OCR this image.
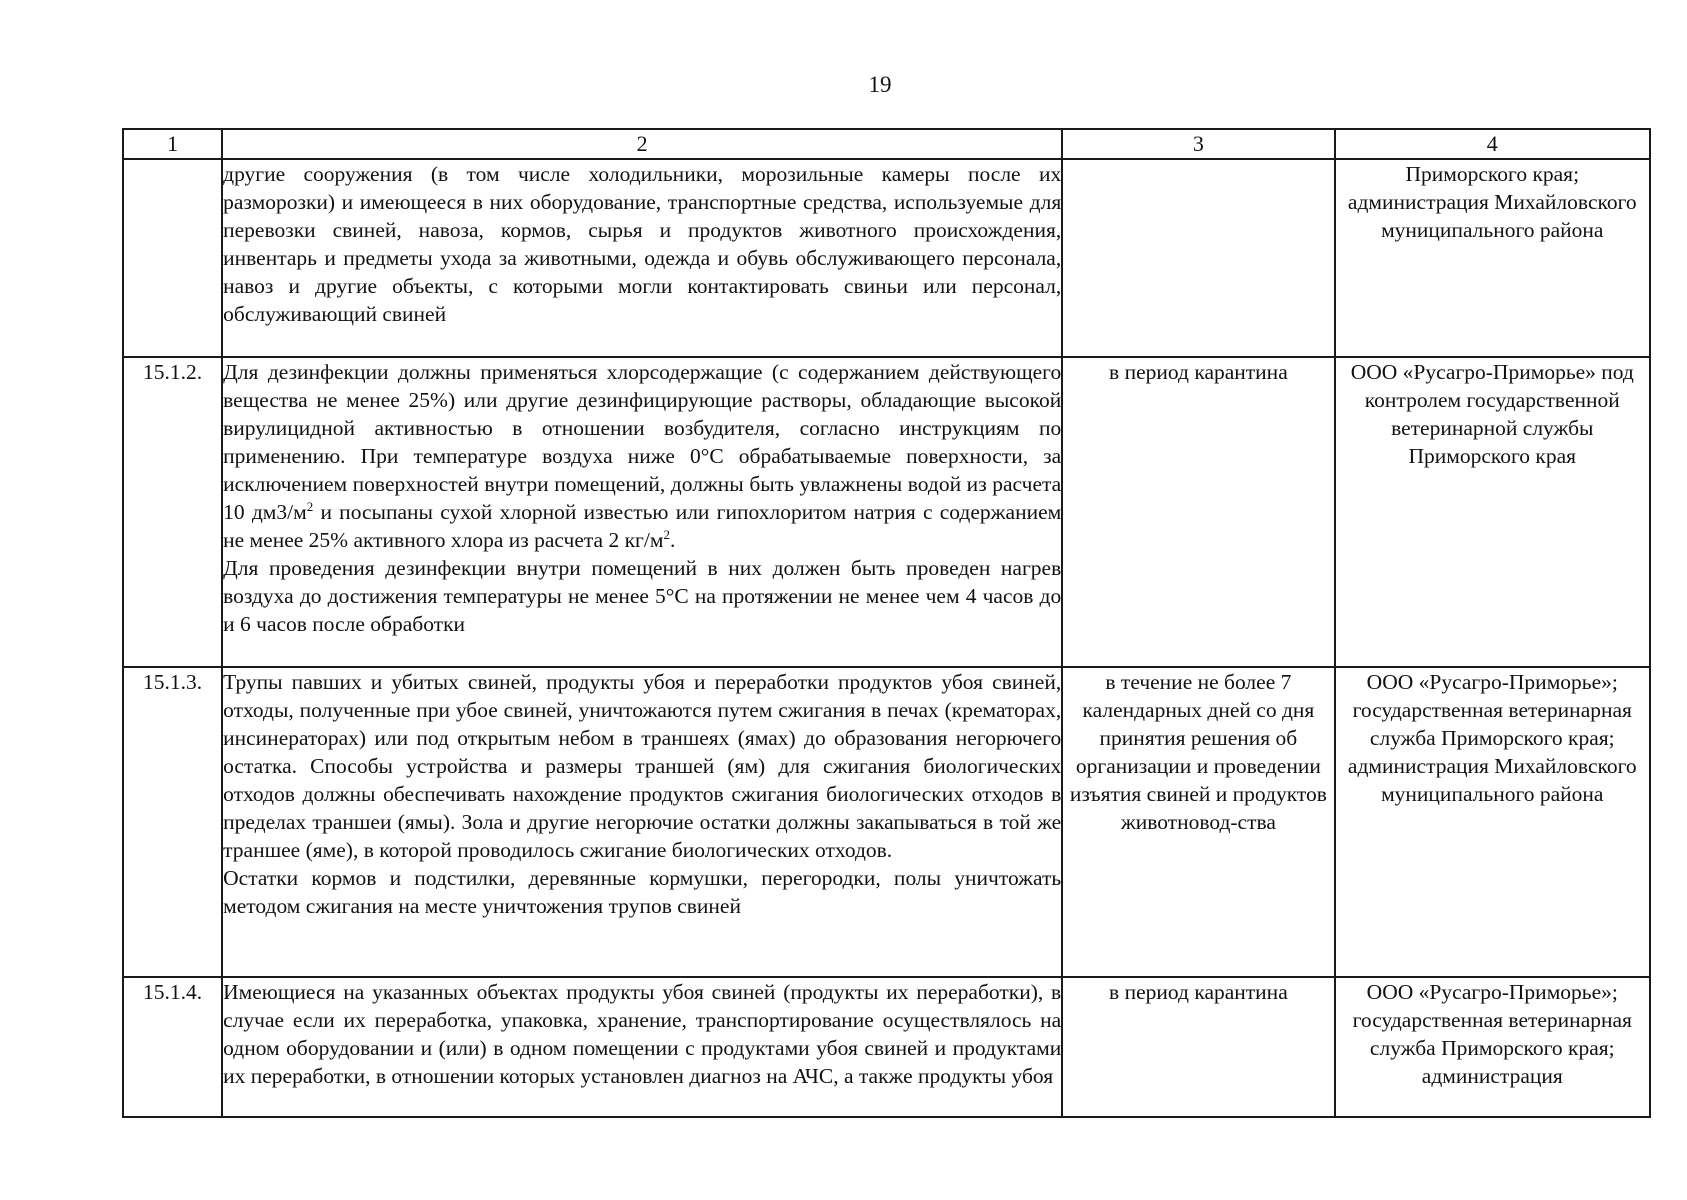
19
1	2	3	4

	другие сооружения (в том числе холодильники, морозильные камеры после их разморозки) и имеющееся в них оборудование, транспортные средства, используемые для перевозки свиней, навоза, кормов, сырья и продуктов животного происхождения, инвентарь и предметы ухода за животными, одежда и обувь обслуживающего персонала, навоз и другие объекты, с которыми могли контактировать свиньи или персонал, обслуживающий свиней		Приморского края; администрация Михайловского муниципального района
15.1.2.	Для дезинфекции должны применяться хлорсодержащие (с содержанием действующего вещества не менее 25%) или другие дезинфицирующие растворы, обладающие высокой вирулицидной активностью в отношении возбудителя, согласно инструкциям по применению. При температуре воздуха ниже 0°С обрабатываемые поверхности, за исключением поверхностей внутри помещений, должны быть увлажнены водой из расчета 10 $дм3/м^2$ и посыпаны сухой хлорной известью или гипохлоритом натрия с содержанием не менее 25% активного хлора из расчета 2 $кг/м^2$.

Для проведения дезинфекции внутри помещений в них должен быть проведен нагрев воздуха до достижения температуры не менее 5°С на протяжении не менее чем 4 часов до и 6 часов после обработки	в период карантина	ООО «Русагро-Приморье» под контролем государственной ветеринарной службы Приморского края
15.1.3.	Трупы павших и убитых свиней, продукты убоя и переработки продуктов убоя свиней, отходы, полученные при убое свиней, уничтожаются путем сжигания в печах (крематорах, инсинераторах) или под открытым небом в траншеях (ямах) до образования негорючего остатка. Способы устройства и размеры траншей (ям) для сжигания биологических отходов должны обеспечивать нахождение продуктов сжигания биологических отходов в пределах траншеи (ямы). Зола и другие негорючие остатки должны закапываться в той же траншее (яме), в которой проводилось сжигание биологических отходов.

Остатки кормов и подстилки, деревянные кормушки, перегородки, полы уничтожать методом сжигания на месте уничтожения трупов свиней	в течение не более 7 календарных дней со дня принятия решения об организации и проведении изъятия свиней и продуктов животновод-ства	ООО «Русагро-Приморье»; государственная ветеринарная служба Приморского края; администрация Михайловского муниципального района
15.1.4.	Имеющиеся на указанных объектах продукты убоя свиней (продукты их переработки), в случае если их переработка, упаковка, хранение, транспортирование осуществлялось на одном оборудовании и (или) в одном помещении с продуктами убоя свиней и продуктами их переработки, в отношении которых установлен диагноз на АЧС, а также продукты убоя	в период карантина	ООО «Русагро-Приморье»; государственная ветеринарная служба Приморского края; администрация
